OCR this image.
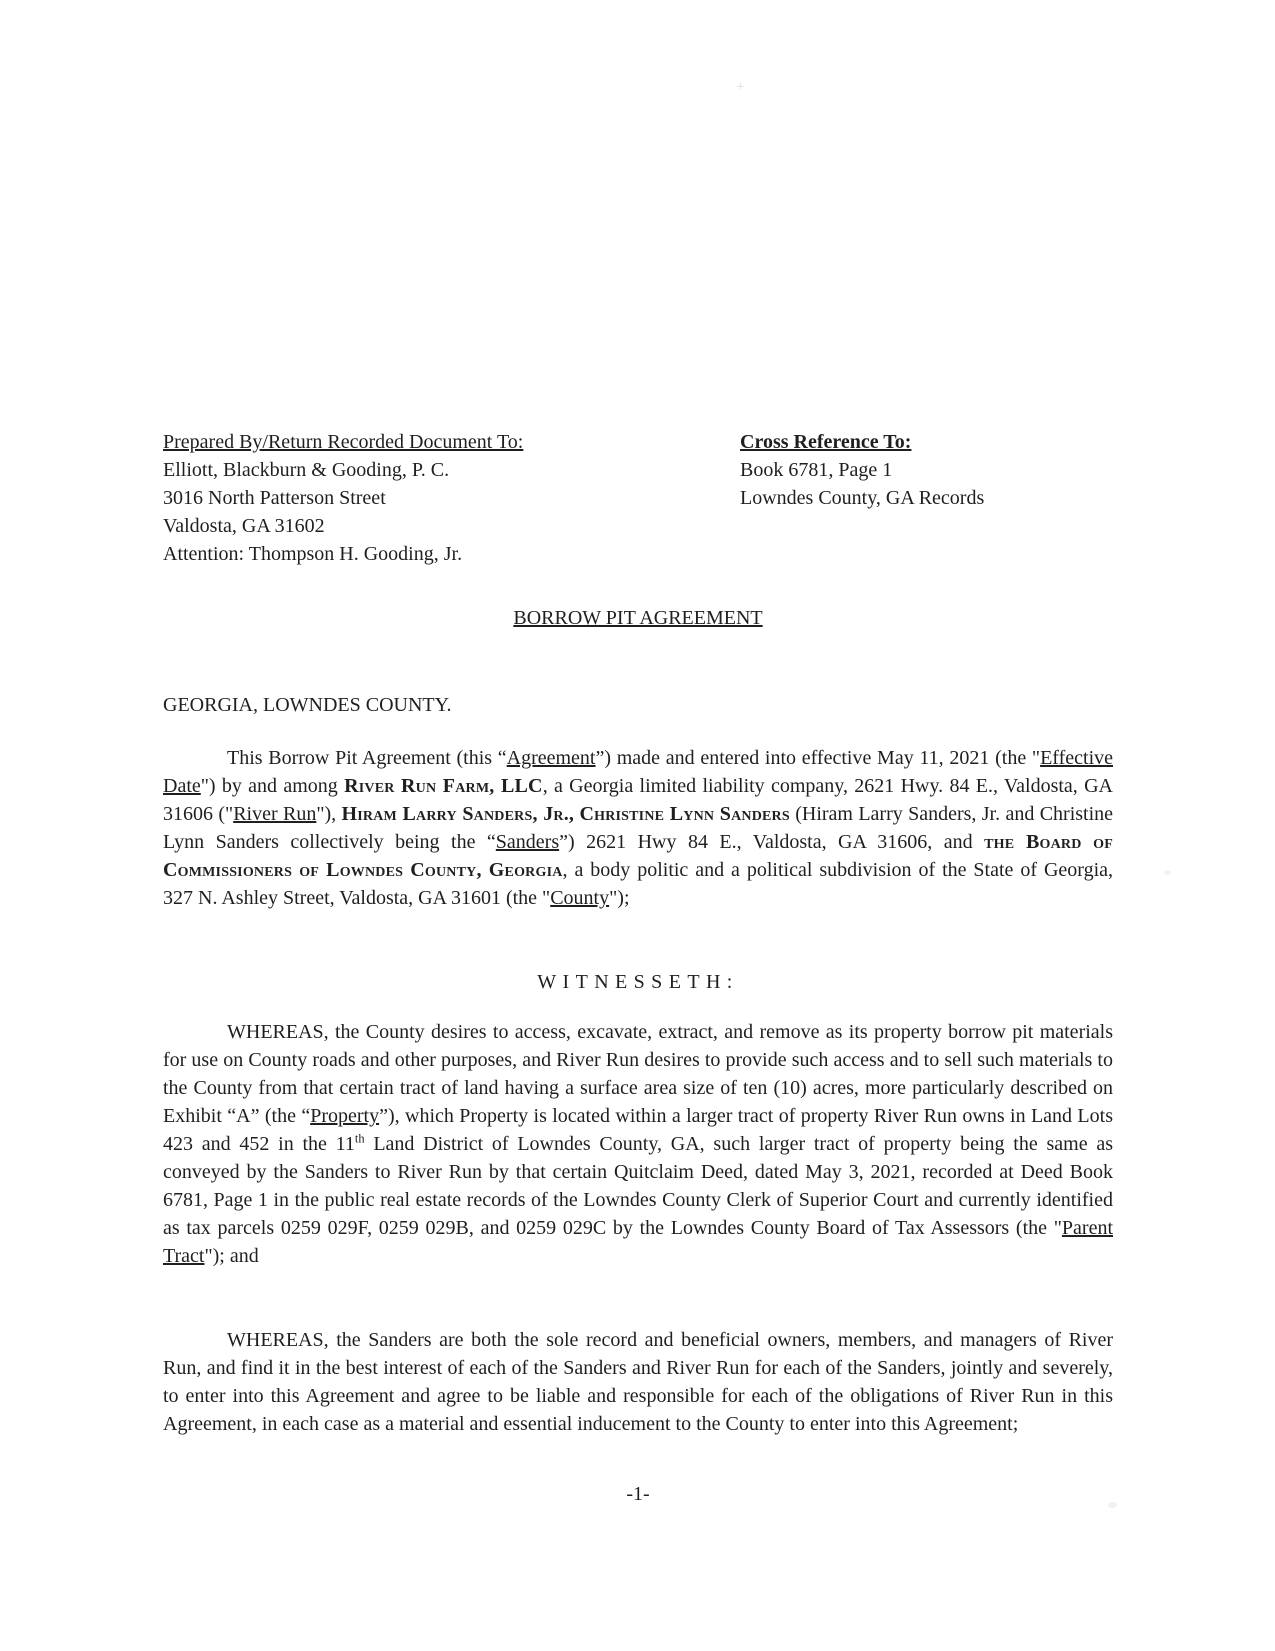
+
Prepared By/Return Recorded Document To:
Elliott, Blackburn & Gooding, P. C.
3016 North Patterson Street
Valdosta, GA 31602
Attention: Thompson H. Gooding, Jr.
Cross Reference To:
Book 6781, Page 1
Lowndes County, GA Records
BORROW PIT AGREEMENT
GEORGIA, LOWNDES COUNTY.

This Borrow Pit Agreement (this “Agreement”) made and entered into effective May 11, 2021 (the "Effective Date") by and among River Run Farm, LLC, a Georgia limited liability company, 2621 Hwy. 84 E., Valdosta, GA 31606 ("River Run"), Hiram Larry Sanders, Jr., Christine Lynn Sanders (Hiram Larry Sanders, Jr. and Christine Lynn Sanders collectively being the “Sanders”) 2621 Hwy 84 E., Valdosta, GA 31606, and the Board of Commissioners of Lowndes County, Georgia, a body politic and a political subdivision of the State of Georgia, 327 N. Ashley Street, Valdosta, GA 31601 (the "County");

WITNESSETH:

WHEREAS, the County desires to access, excavate, extract, and remove as its property borrow pit materials for use on County roads and other purposes, and River Run desires to provide such access and to sell such materials to the County from that certain tract of land having a surface area size of ten (10) acres, more particularly described on Exhibit “A” (the “Property”), which Property is located within a larger tract of property River Run owns in Land Lots 423 and 452 in the 11th Land District of Lowndes County, GA, such larger tract of property being the same as conveyed by the Sanders to River Run by that certain Quitclaim Deed, dated May 3, 2021, recorded at Deed Book 6781, Page 1 in the public real estate records of the Lowndes County Clerk of Superior Court and currently identified as tax parcels 0259 029F, 0259 029B, and 0259 029C by the Lowndes County Board of Tax Assessors (the "Parent Tract"); and

WHEREAS, the Sanders are both the sole record and beneficial owners, members, and managers of River Run, and find it in the best interest of each of the Sanders and River Run for each of the Sanders, jointly and severely, to enter into this Agreement and agree to be liable and responsible for each of the obligations of River Run in this Agreement, in each case as a material and essential inducement to the County to enter into this Agreement;

-1-
